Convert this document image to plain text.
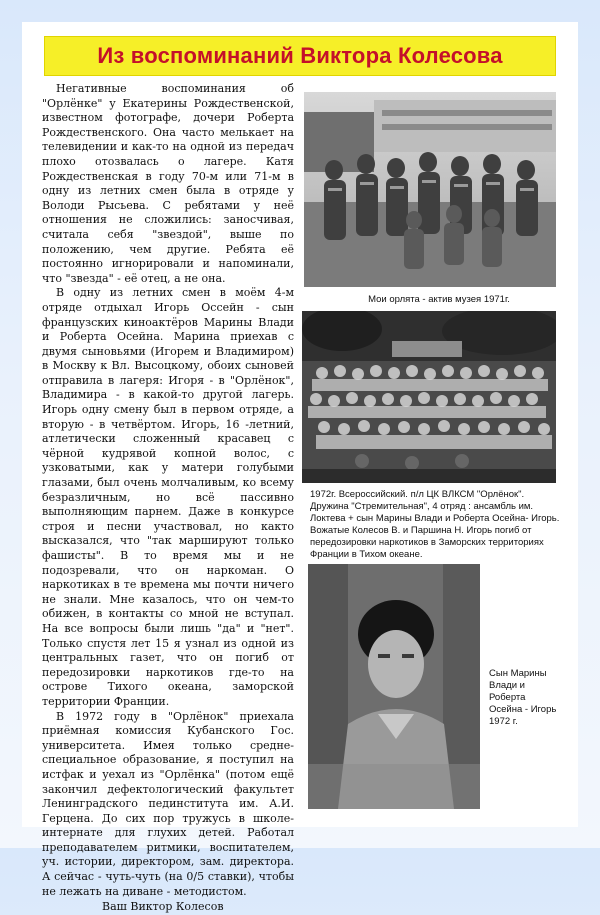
Из воспоминаний Виктора Колесова

Негативные воспоминания об "Орлёнке" у Екатерины Рождественской, известном фотографе, дочери Роберта Рождественского. Она часто мелькает на телевидении и как-то на одной из передач плохо отозвалась о лагере. Катя Рождественская в году 70-м или 71-м в одну из летних смен была в отряде у Володи Рысьева. С ребятами у неё отношения не сложились: заносчивая, считала себя "звездой", выше по положению, чем другие. Ребята её постоянно игнорировали и напоминали, что "звезда" - её отец, а не она.

В одну из летних смен в моём 4-м отряде отдыхал Игорь Оссейн - сын французских киноактёров Марины Влади и Роберта Осейна. Марина приехав с двумя сыновьями (Игорем и Владимиром) в Москву к Вл. Высоцкому, обоих сыновей отправила в лагеря: Игоря - в "Орлёнок", Владимира - в какой-то другой лагерь. Игорь одну смену был в первом отряде, а вторую - в четвёртом. Игорь, 16 -летний, атлетически сложенный красавец с чёрной кудрявой копной волос, с узковатыми, как у матери голубыми глазами, был очень молчаливым, ко всему безразличным, но всё пассивно выполняющим парнем. Даже в конкурсе строя и песни участвовал, но както высказался, что "так маршируют только фашисты". В то время мы и не подозревали, что он наркоман. О наркотиках в те времена мы почти ничего не знали. Мне казалось, что он чем-то обижен, в контакты со мной не вступал. На все вопросы были лишь "да" и "нет". Только спустя лет 15 я узнал из одной из центральных газет, что он погиб от передозировки наркотиков где-то на острове Тихого океана, заморской территории Франции.

В 1972 году в "Орлёнок" приехала приёмная комиссия Кубанского Гос. университета. Имея только средне-специальное образование, я поступил на истфак и уехал из "Орлёнка" (потом ещё закончил дефектологический факультет Ленинградского пединститута им. А.И. Герцена. До сих пор тружусь в школе-интернате для глухих детей. Работал преподавателем ритмики, воспитателем, уч. истории, директором, зам. директора. А сейчас - чуть-чуть (на 0/5 ставки), чтобы не лежать на диване - методистом.

Ваш Виктор Колесов

Мои орлята - актив музея 1971г.
1972г. Всероссийский. п/л ЦК ВЛКСМ "Орлёнок". Дружина "Стремительная", 4 отряд : ансамбль им. Локтева + сын Марины Влади и Роберта Осейна- Игорь. Вожатые Колесов В. и Паршина Н. Игорь погиб от передозировки наркотиков в Заморских территориях Франции в Тихом океане.
Сын Марины Влади и Роберта Осейна - Игорь 1972 г.
